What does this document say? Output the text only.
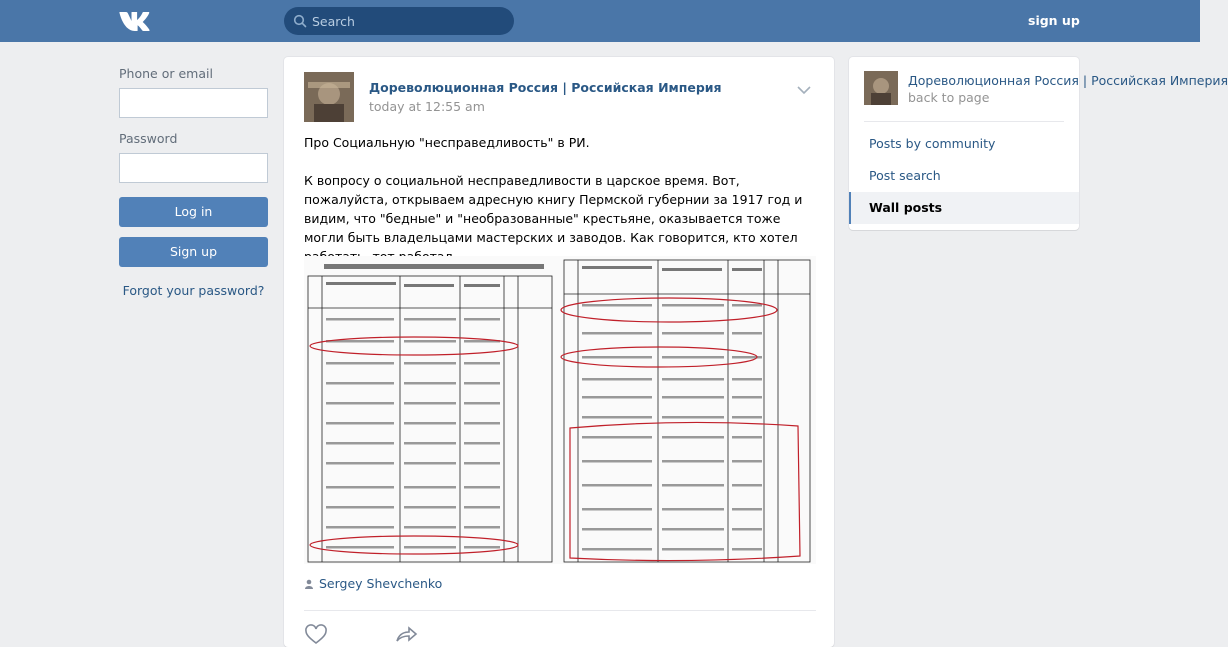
Search
sign up
Phone or email
Password
Log in
Sign up
Forgot your password?
Дореволюционная Россия | Российская Империя
today at 12:55 am

Про Социальную "несправедливость" в РИ.

К вопросу о социальной несправедливости в царское время. Вот, пожалуйста, открываем адресную книгу Пермской губернии за 1917 год и видим, что "бедные" и "необразованные" крестьяне, оказывается тоже могли быть владельцами мастерских и заводов. Как говорится, кто хотел

Sergey Shevchenko
Дореволюционная Россия | Российская Империя
back to page
Posts by community
Post search
Wall posts
